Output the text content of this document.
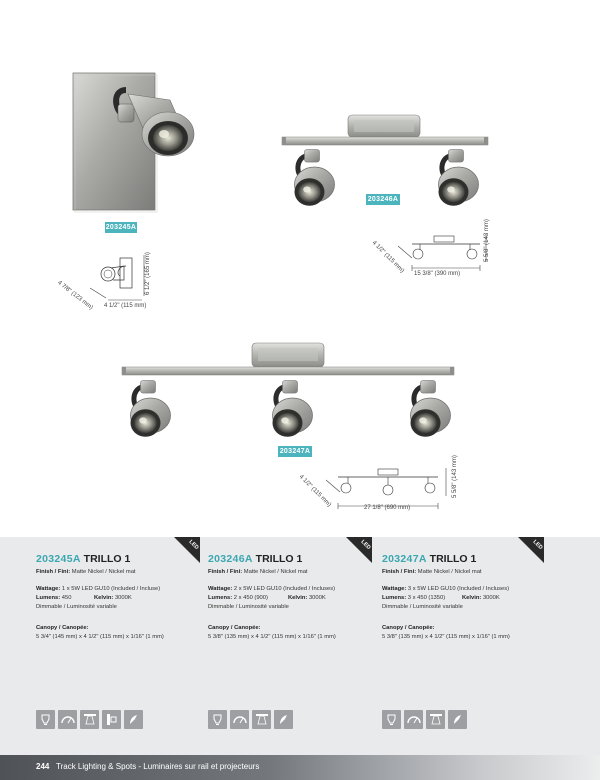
203245A
4 7/8" (123 mm)
6 1/2" (165 mm)
4 1/2" (115 mm)
203246A
4 1/2" (115 mm)	5 5/8" (143 mm)
15 3/8" (390 mm)
203247A
4 1/2" (115 mm)	5 5/8" (143 mm)
27 1/8" (690 mm)
203245A TRILLO 1
Finish / Fini: Matte Nickel / Nickel mat
Wattage: 1 x 5W LED GU10 (Included / Incluse)
Lumens: 450	Kelvin: 3000K
Dimmable / Luminosité variable
Canopy / Canopée:
5 3/4" (145 mm) x 4 1/2" (115 mm) x 1/16" (1 mm)
LED
203246A TRILLO 1
Finish / Fini: Matte Nickel / Nickel mat
Wattage: 2 x 5W LED GU10 (Included / Incluses)
Lumens: 2 x 450 (900)	Kelvin: 3000K
Dimmable / Luminosité variable
Canopy / Canopée:
5 3/8" (135 mm) x 4 1/2" (115 mm) x 1/16" (1 mm)
LED
203247A TRILLO 1
Finish / Fini: Matte Nickel / Nickel mat
Wattage: 3 x 5W LED GU10 (Included / Incluses)
Lumens: 3 x 450 (1350)	Kelvin: 3000K
Dimmable / Luminosité variable
Canopy / Canopée:
5 3/8" (135 mm) x 4 1/2" (115 mm) x 1/16" (1 mm)
LED
244 Track Lighting & Spots - Luminaires sur rail et projecteurs
